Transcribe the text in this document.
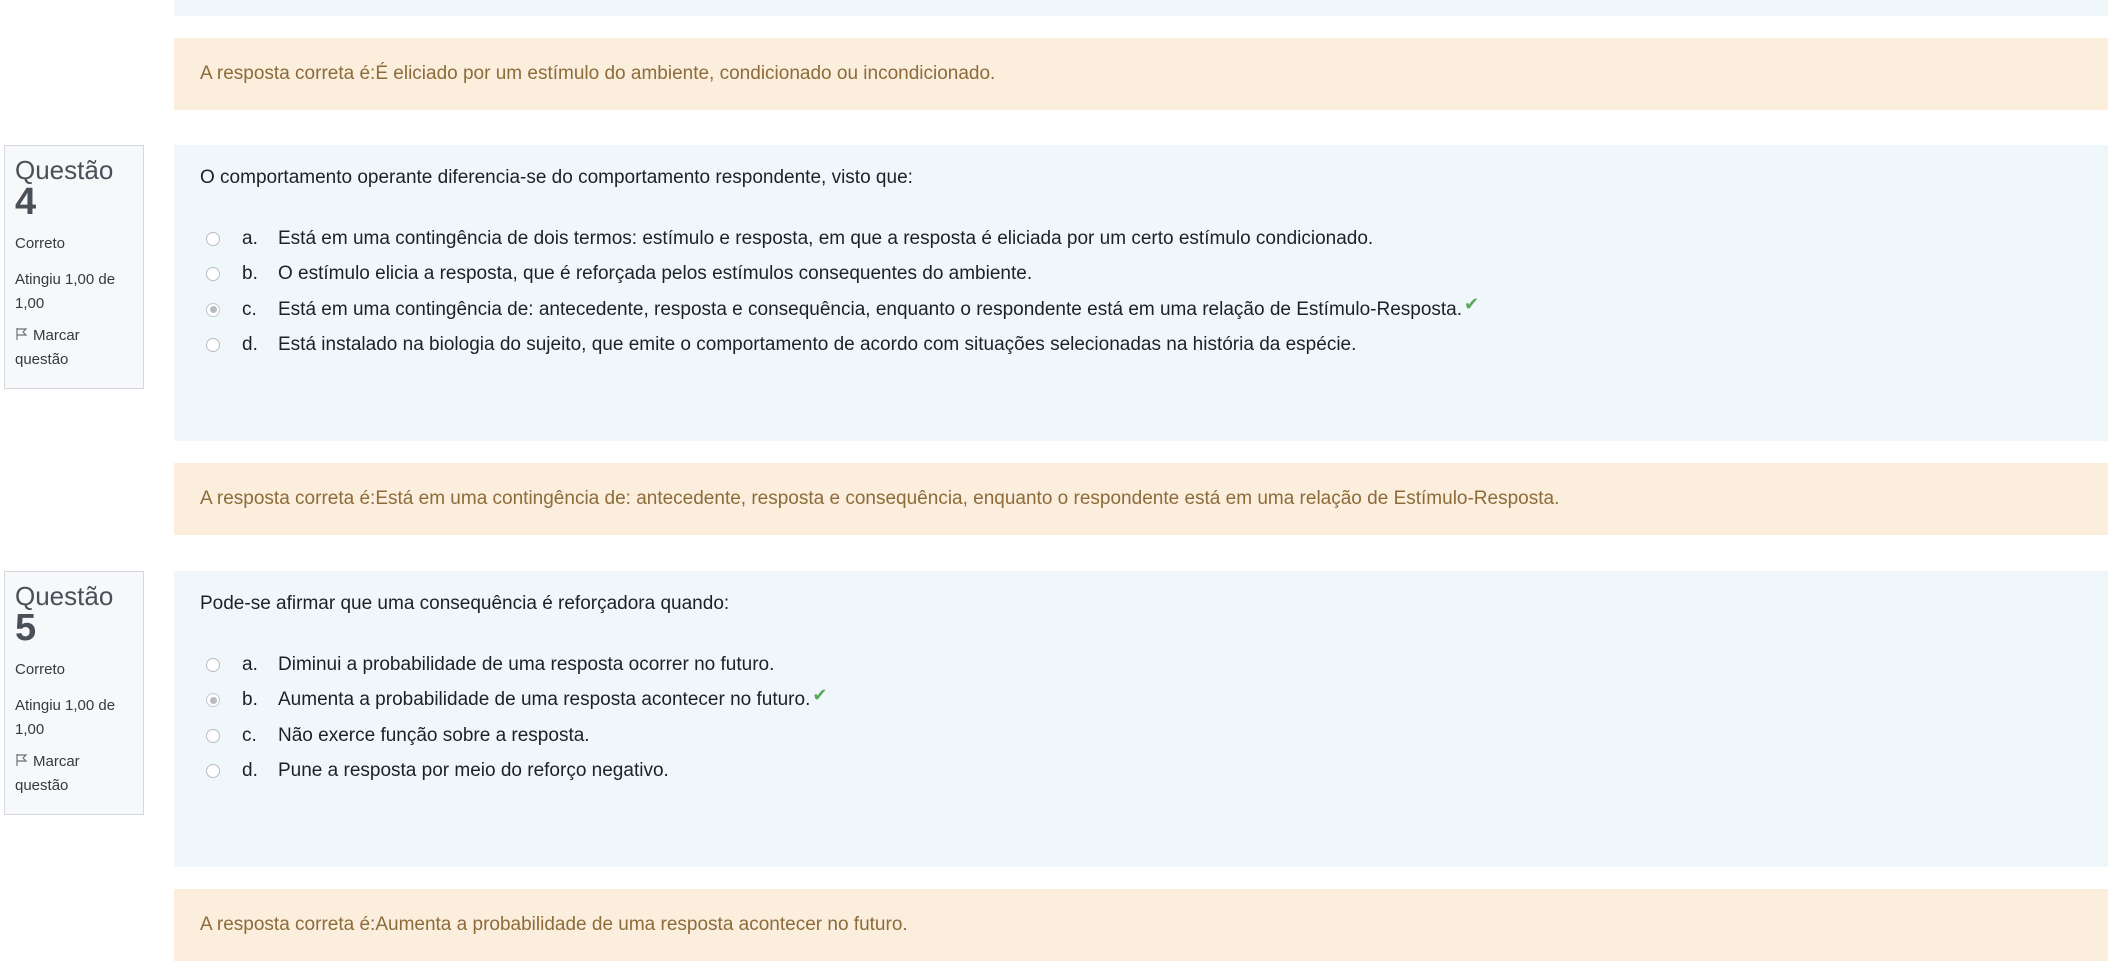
A resposta correta é: É eliciado por um estímulo do ambiente, condicionado ou incondicionado.
Questão
4
Correto
Atingiu 1,00 de 1,00
Marcar questão
O comportamento operante diferencia-se do comportamento respondente, visto que:
a.	Está em uma contingência de dois termos: estímulo e resposta, em que a resposta é eliciada por um certo estímulo condicionado.
b.	O estímulo elicia a resposta, que é reforçada pelos estímulos consequentes do ambiente.
c.	Está em uma contingência de: antecedente, resposta e consequência, enquanto o respondente está em uma relação de Estímulo-Resposta. ✔
d.	Está instalado na biologia do sujeito, que emite o comportamento de acordo com situações selecionadas na história da espécie.
A resposta correta é: Está em uma contingência de: antecedente, resposta e consequência, enquanto o respondente está em uma relação de Estímulo-Resposta.
Questão
5
Correto
Atingiu 1,00 de 1,00
Marcar questão
Pode-se afirmar que uma consequência é reforçadora quando:
a.	Diminui a probabilidade de uma resposta ocorrer no futuro.
b.	Aumenta a probabilidade de uma resposta acontecer no futuro. ✔
c.	Não exerce função sobre a resposta.
d.	Pune a resposta por meio do reforço negativo.
A resposta correta é: Aumenta a probabilidade de uma resposta acontecer no futuro.
